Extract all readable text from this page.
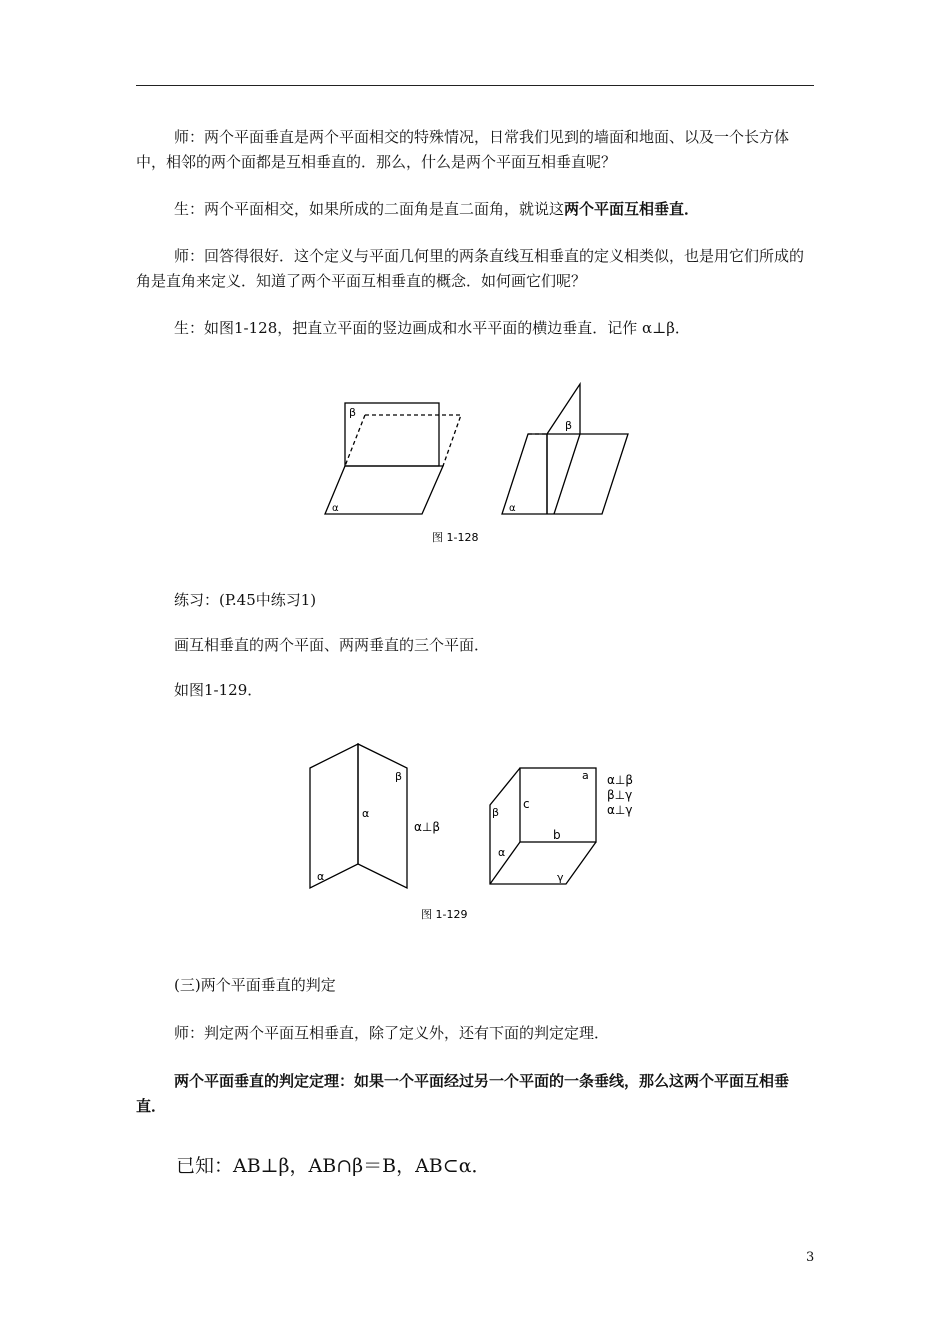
师：两个平面垂直是两个平面相交的特殊情况，日常我们见到的墙面和地面、以及一个长方体中，相邻的两个面都是互相垂直的．那么，什么是两个平面互相垂直呢？

生：两个平面相交，如果所成的二面角是直二面角，就说这两个平面互相垂直．

师：回答得很好．这个定义与平面几何里的两条直线互相垂直的定义相类似，也是用它们所成的角是直角来定义．知道了两个平面互相垂直的概念．如何画它们呢？

生：如图1-128，把直立平面的竖边画成和水平平面的横边垂直．记作 α⊥β．

β
α
β
α
图 1-128

练习：(P.45中练习1)

画互相垂直的两个平面、两两垂直的三个平面．

如图1-129．

β
α
α
α⊥β
a
c
b
β
α
γ
α⊥β
β⊥γ
α⊥γ
图 1-129

(三)两个平面垂直的判定

师：判定两个平面互相垂直，除了定义外，还有下面的判定定理．

两个平面垂直的判定定理：如果一个平面经过另一个平面的一条垂线，那么这两个平面互相垂直．

已知：AB⊥β，AB∩β＝B，AB⊂α．
3
